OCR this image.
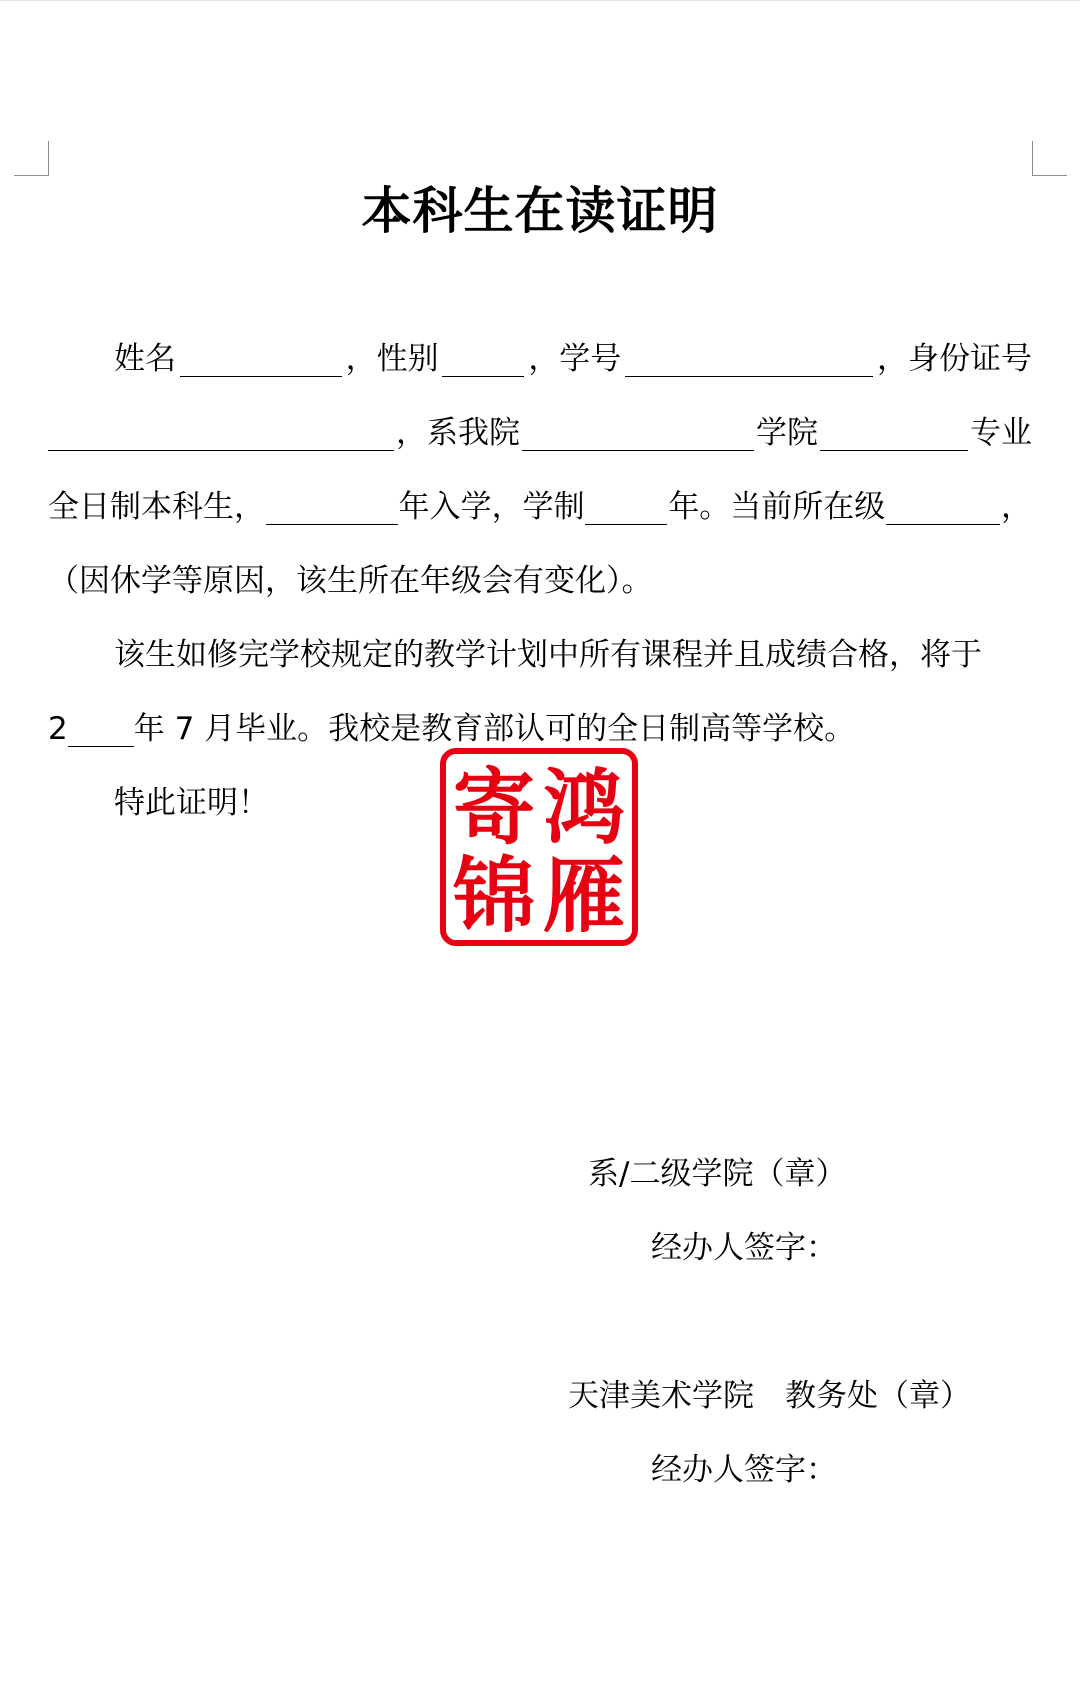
本科生在读证明
姓名	，性别	，学号	，身份证号
，系我院	学院	专业
全日制本科生，	年入学，学制	年。当前所在级	，
（因休学等原因，该生所在年级会有变化）。
该生如修完学校规定的教学计划中所有课程并且成绩合格，将于
2 年 7 月毕业。我校是教育部认可的全日制高等学校。
特此证明！	鸿
寄
雁
锦
系/二级学院（章）
经办人签字：
天津美术学院　教务处（章）
经办人签字：
